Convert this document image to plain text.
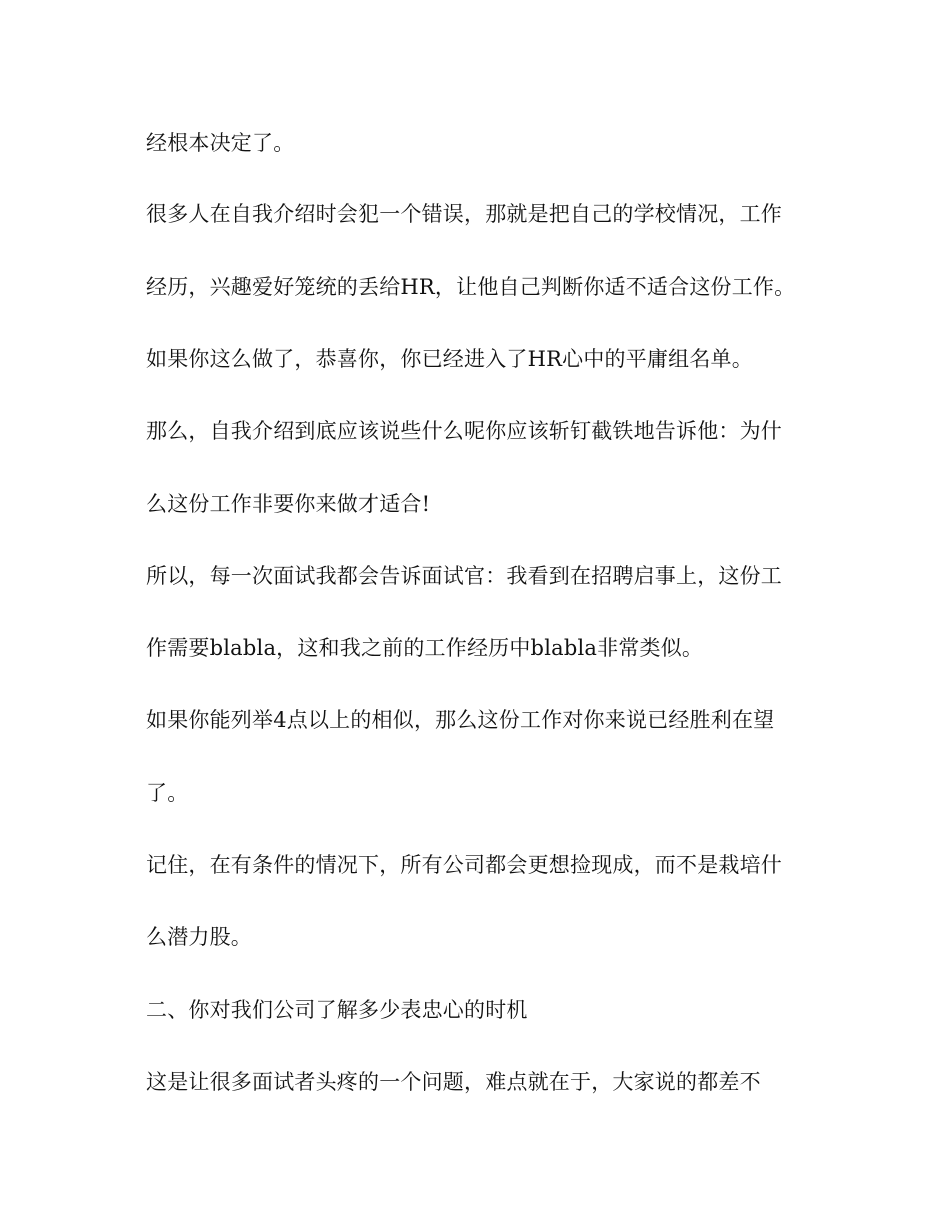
经根本决定了。
很多人在自我介绍时会犯一个错误，那就是把自己的学校情况，工作
经历，兴趣爱好笼统的丢给HR，让他自己判断你适不适合这份工作。
如果你这么做了，恭喜你，你已经进入了HR心中的平庸组名单。
那么，自我介绍到底应该说些什么呢你应该斩钉截铁地告诉他：为什
么这份工作非要你来做才适合!
所以，每一次面试我都会告诉面试官：我看到在招聘启事上，这份工
作需要blabla，这和我之前的工作经历中blabla非常类似。
如果你能列举4点以上的相似，那么这份工作对你来说已经胜利在望
了。
记住，在有条件的情况下，所有公司都会更想捡现成，而不是栽培什
么潜力股。
二、你对我们公司了解多少表忠心的时机
这是让很多面试者头疼的一个问题，难点就在于，大家说的都差不
